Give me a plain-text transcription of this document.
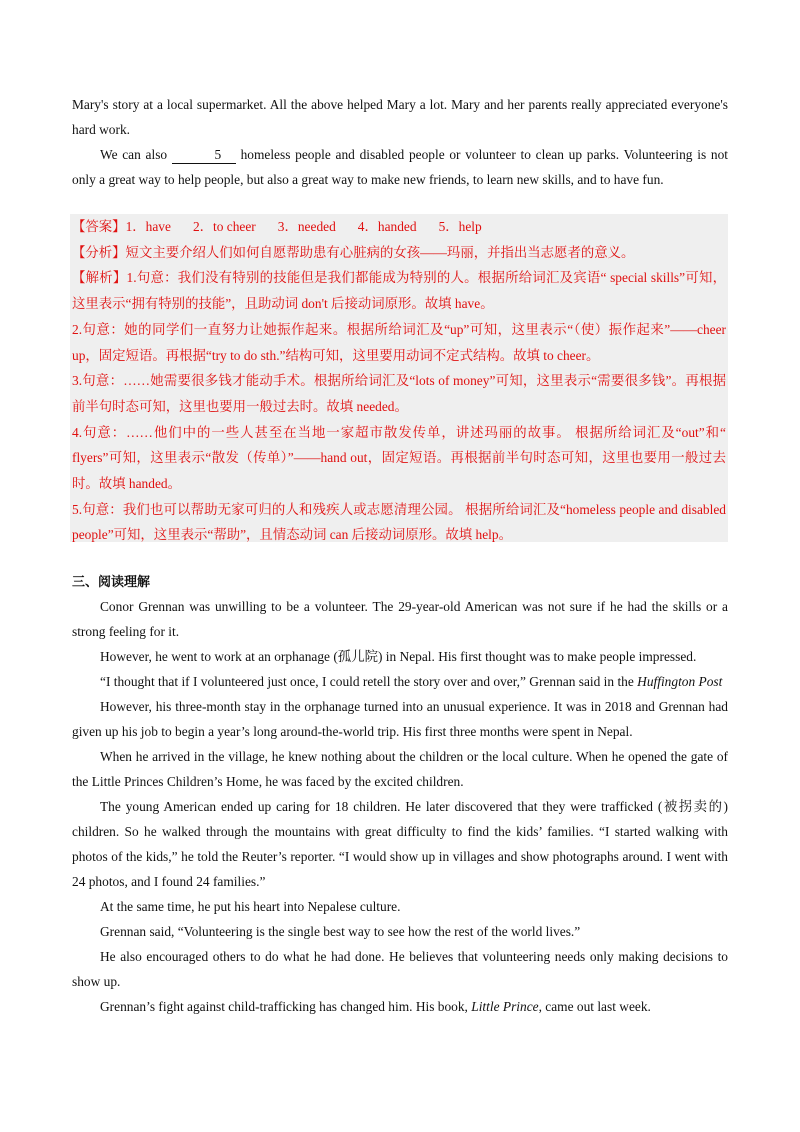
Mary's story at a local supermarket. All the above helped Mary a lot. Mary and her parents really appreciated everyone's hard work.

We can also	5 homeless people and disabled people or volunteer to clean up parks. Volunteering is not only a great way to help people, but also a great way to make new friends, to learn new skills, and to have fun.

【答案】1．have 2．to cheer 3．needed 4．handed 5．help

【分析】短文主要介绍人们如何自愿帮助患有心脏病的女孩——玛丽，并指出当志愿者的意义。

【解析】1.句意：我们没有特别的技能但是我们都能成为特别的人。根据所给词汇及宾语“ special skills”可知，这里表示“拥有特别的技能”，且助动词 don't 后接动词原形。故填 have。

2.句意：她的同学们一直努力让她振作起来。根据所给词汇及“up”可知，这里表示“（使）振作起来”——cheer up，固定短语。再根据“try to do sth.”结构可知，这里要用动词不定式结构。故填 to cheer。

3.句意：……她需要很多钱才能动手术。根据所给词汇及“lots of money”可知，这里表示“需要很多钱”。再根据前半句时态可知，这里也要用一般过去时。故填 needed。

4.句意：……他们中的一些人甚至在当地一家超市散发传单，讲述玛丽的故事。 根据所给词汇及“out”和“ flyers”可知，这里表示“散发（传单）”——hand out，固定短语。再根据前半句时态可知，这里也要用一般过去时。故填 handed。

5.句意：我们也可以帮助无家可归的人和残疾人或志愿清理公园。 根据所给词汇及“homeless people and disabled people”可知，这里表示“帮助”，且情态动词 can 后接动词原形。故填 help。

三、阅读理解

Conor Grennan was unwilling to be a volunteer. The 29-year-old American was not sure if he had the skills or a strong feeling for it.

However, he went to work at an orphanage (孤儿院) in Nepal. His first thought was to make people impressed.

“I thought that if I volunteered just once, I could retell the story over and over,” Grennan said in the Huffington Post

However, his three-month stay in the orphanage turned into an unusual experience. It was in 2018 and Grennan had given up his job to begin a year’s long around-the-world trip. His first three months were spent in Nepal.

When he arrived in the village, he knew nothing about the children or the local culture. When he opened the gate of the Little Princes Children’s Home, he was faced by the excited children.

The young American ended up caring for 18 children. He later discovered that they were trafficked (被拐卖的) children. So he walked through the mountains with great difficulty to find the kids’ families. “I started walking with photos of the kids,” he told the Reuter’s reporter. “I would show up in villages and show photographs around. I went with 24 photos, and I found 24 families.”

At the same time, he put his heart into Nepalese culture.

Grennan said, “Volunteering is the single best way to see how the rest of the world lives.”

He also encouraged others to do what he had done. He believes that volunteering needs only making decisions to show up.

Grennan’s fight against child-trafficking has changed him. His book, Little Prince, came out last week.
